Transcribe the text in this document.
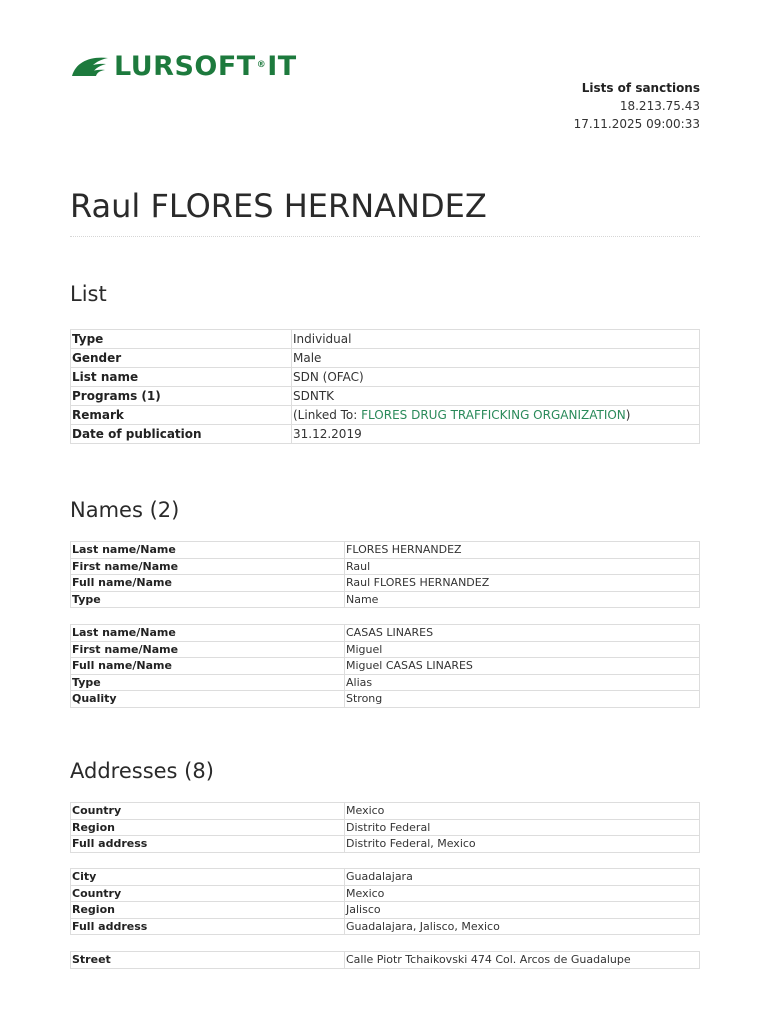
LURSOFT®IT
Lists of sanctions
18.213.75.43
17.11.2025 09:00:33
Raul FLORES HERNANDEZ
List
Type	Individual
Gender	Male
List name	SDN (OFAC)
Programs (1)	SDNTK
Remark	(Linked To: FLORES DRUG TRAFFICKING ORGANIZATION)
Date of publication	31.12.2019
Names (2)
Last name/Name	FLORES HERNANDEZ
First name/Name	Raul
Full name/Name	Raul FLORES HERNANDEZ
Type	Name
Last name/Name	CASAS LINARES
First name/Name	Miguel
Full name/Name	Miguel CASAS LINARES
Type	Alias
Quality	Strong
Addresses (8)
Country	Mexico
Region	Distrito Federal
Full address	Distrito Federal, Mexico
City	Guadalajara
Country	Mexico
Region	Jalisco
Full address	Guadalajara, Jalisco, Mexico
Street	Calle Piotr Tchaikovski 474 Col. Arcos de Guadalupe
